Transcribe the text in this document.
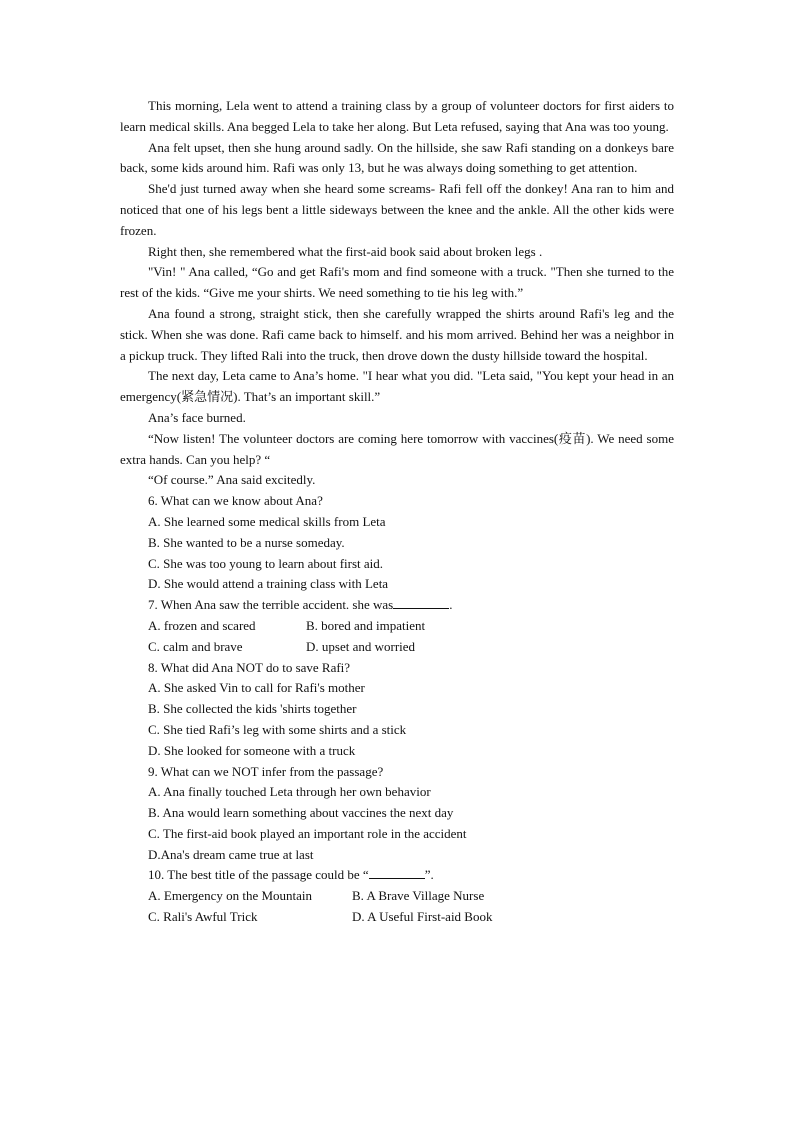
This morning, Lela went to attend a training class by a group of volunteer doctors for first aiders to learn medical skills. Ana begged Lela to take her along. But Leta refused, saying that Ana was too young.

Ana felt upset, then she hung around sadly. On the hillside, she saw Rafi standing on a donkeys bare back, some kids around him. Rafi was only 13, but he was always doing something to get attention.

She'd just turned away when she heard some screams- Rafi fell off the donkey! Ana ran to him and noticed that one of his legs bent a little sideways between the knee and the ankle. All the other kids were frozen.

Right then, she remembered what the first-aid book said about broken legs .

"Vin! " Ana called, “Go and get Rafi's mom and find someone with a truck. "Then she turned to the rest of the kids. “Give me your shirts. We need something to tie his leg with.”

Ana found a strong, straight stick, then she carefully wrapped the shirts around Rafi's leg and the stick. When she was done. Rafi came back to himself. and his mom arrived. Behind her was a neighbor in a pickup truck. They lifted Rali into the truck, then drove down the dusty hillside toward the hospital.

The next day, Leta came to Ana’s home. "I hear what you did. "Leta said, "You kept your head in an emergency(紧急情况). That’s an important skill.”

Ana’s face burned.

“Now listen! The volunteer doctors are coming here tomorrow with vaccines(疫苗). We need some extra hands. Can you help? “

“Of course.” Ana said excitedly.

6. What can we know about Ana?

A. She learned some medical skills from Leta

B. She wanted to be a nurse someday.

C. She was too young to learn about first aid.

D. She would attend a training class with Leta

7. When Ana saw the terrible accident. she was	.

A. frozen and scared	B. bored and impatient
C. calm and brave	D. upset and worried

8. What did Ana NOT do to save Rafi?

A. She asked Vin to call for Rafi's mother

B. She collected the kids 'shirts together

C. She tied Rafi’s leg with some shirts and a stick

D. She looked for someone with a truck

9. What can we NOT infer from the passage?

A. Ana finally touched Leta through her own behavior

B. Ana would learn something about vaccines the next day

C. The first-aid book played an important role in the accident

D.Ana's dream came true at last

10. The best title of the passage could be “	”.

A. Emergency on the Mountain	B. A Brave Village Nurse
C. Rali's Awful Trick	D. A Useful First-aid Book
